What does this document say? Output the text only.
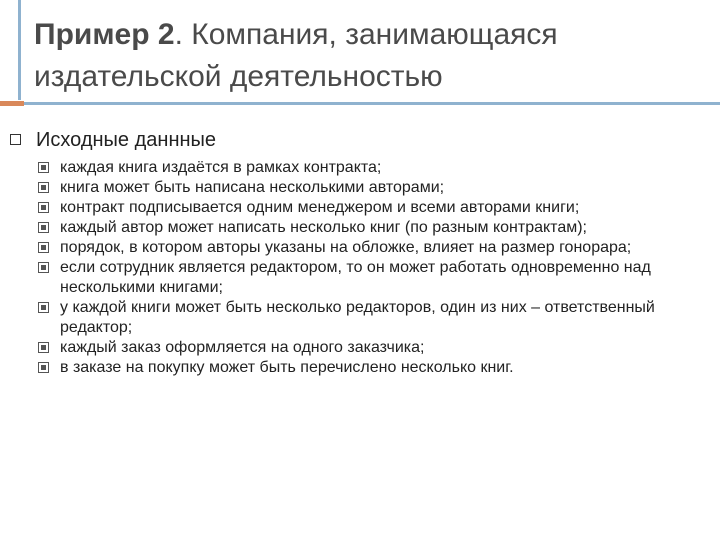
Пример 2. Компания, занимающаяся издательской деятельностью
Исходные даннные
каждая книга издаётся в рамках контракта;
книга может быть написана несколькими авторами;
контракт подписывается одним менеджером и всеми авторами книги;
каждый автор может написать несколько книг (по разным контрактам);
порядок, в котором авторы указаны на обложке, влияет на размер гонорара;
если сотрудник является редактором, то он может работать одновременно над несколькими книгами;
у каждой книги может быть несколько редакторов, один из них – ответственный редактор;
каждый заказ оформляется на одного заказчика;
в заказе на покупку может быть перечислено несколько книг.
